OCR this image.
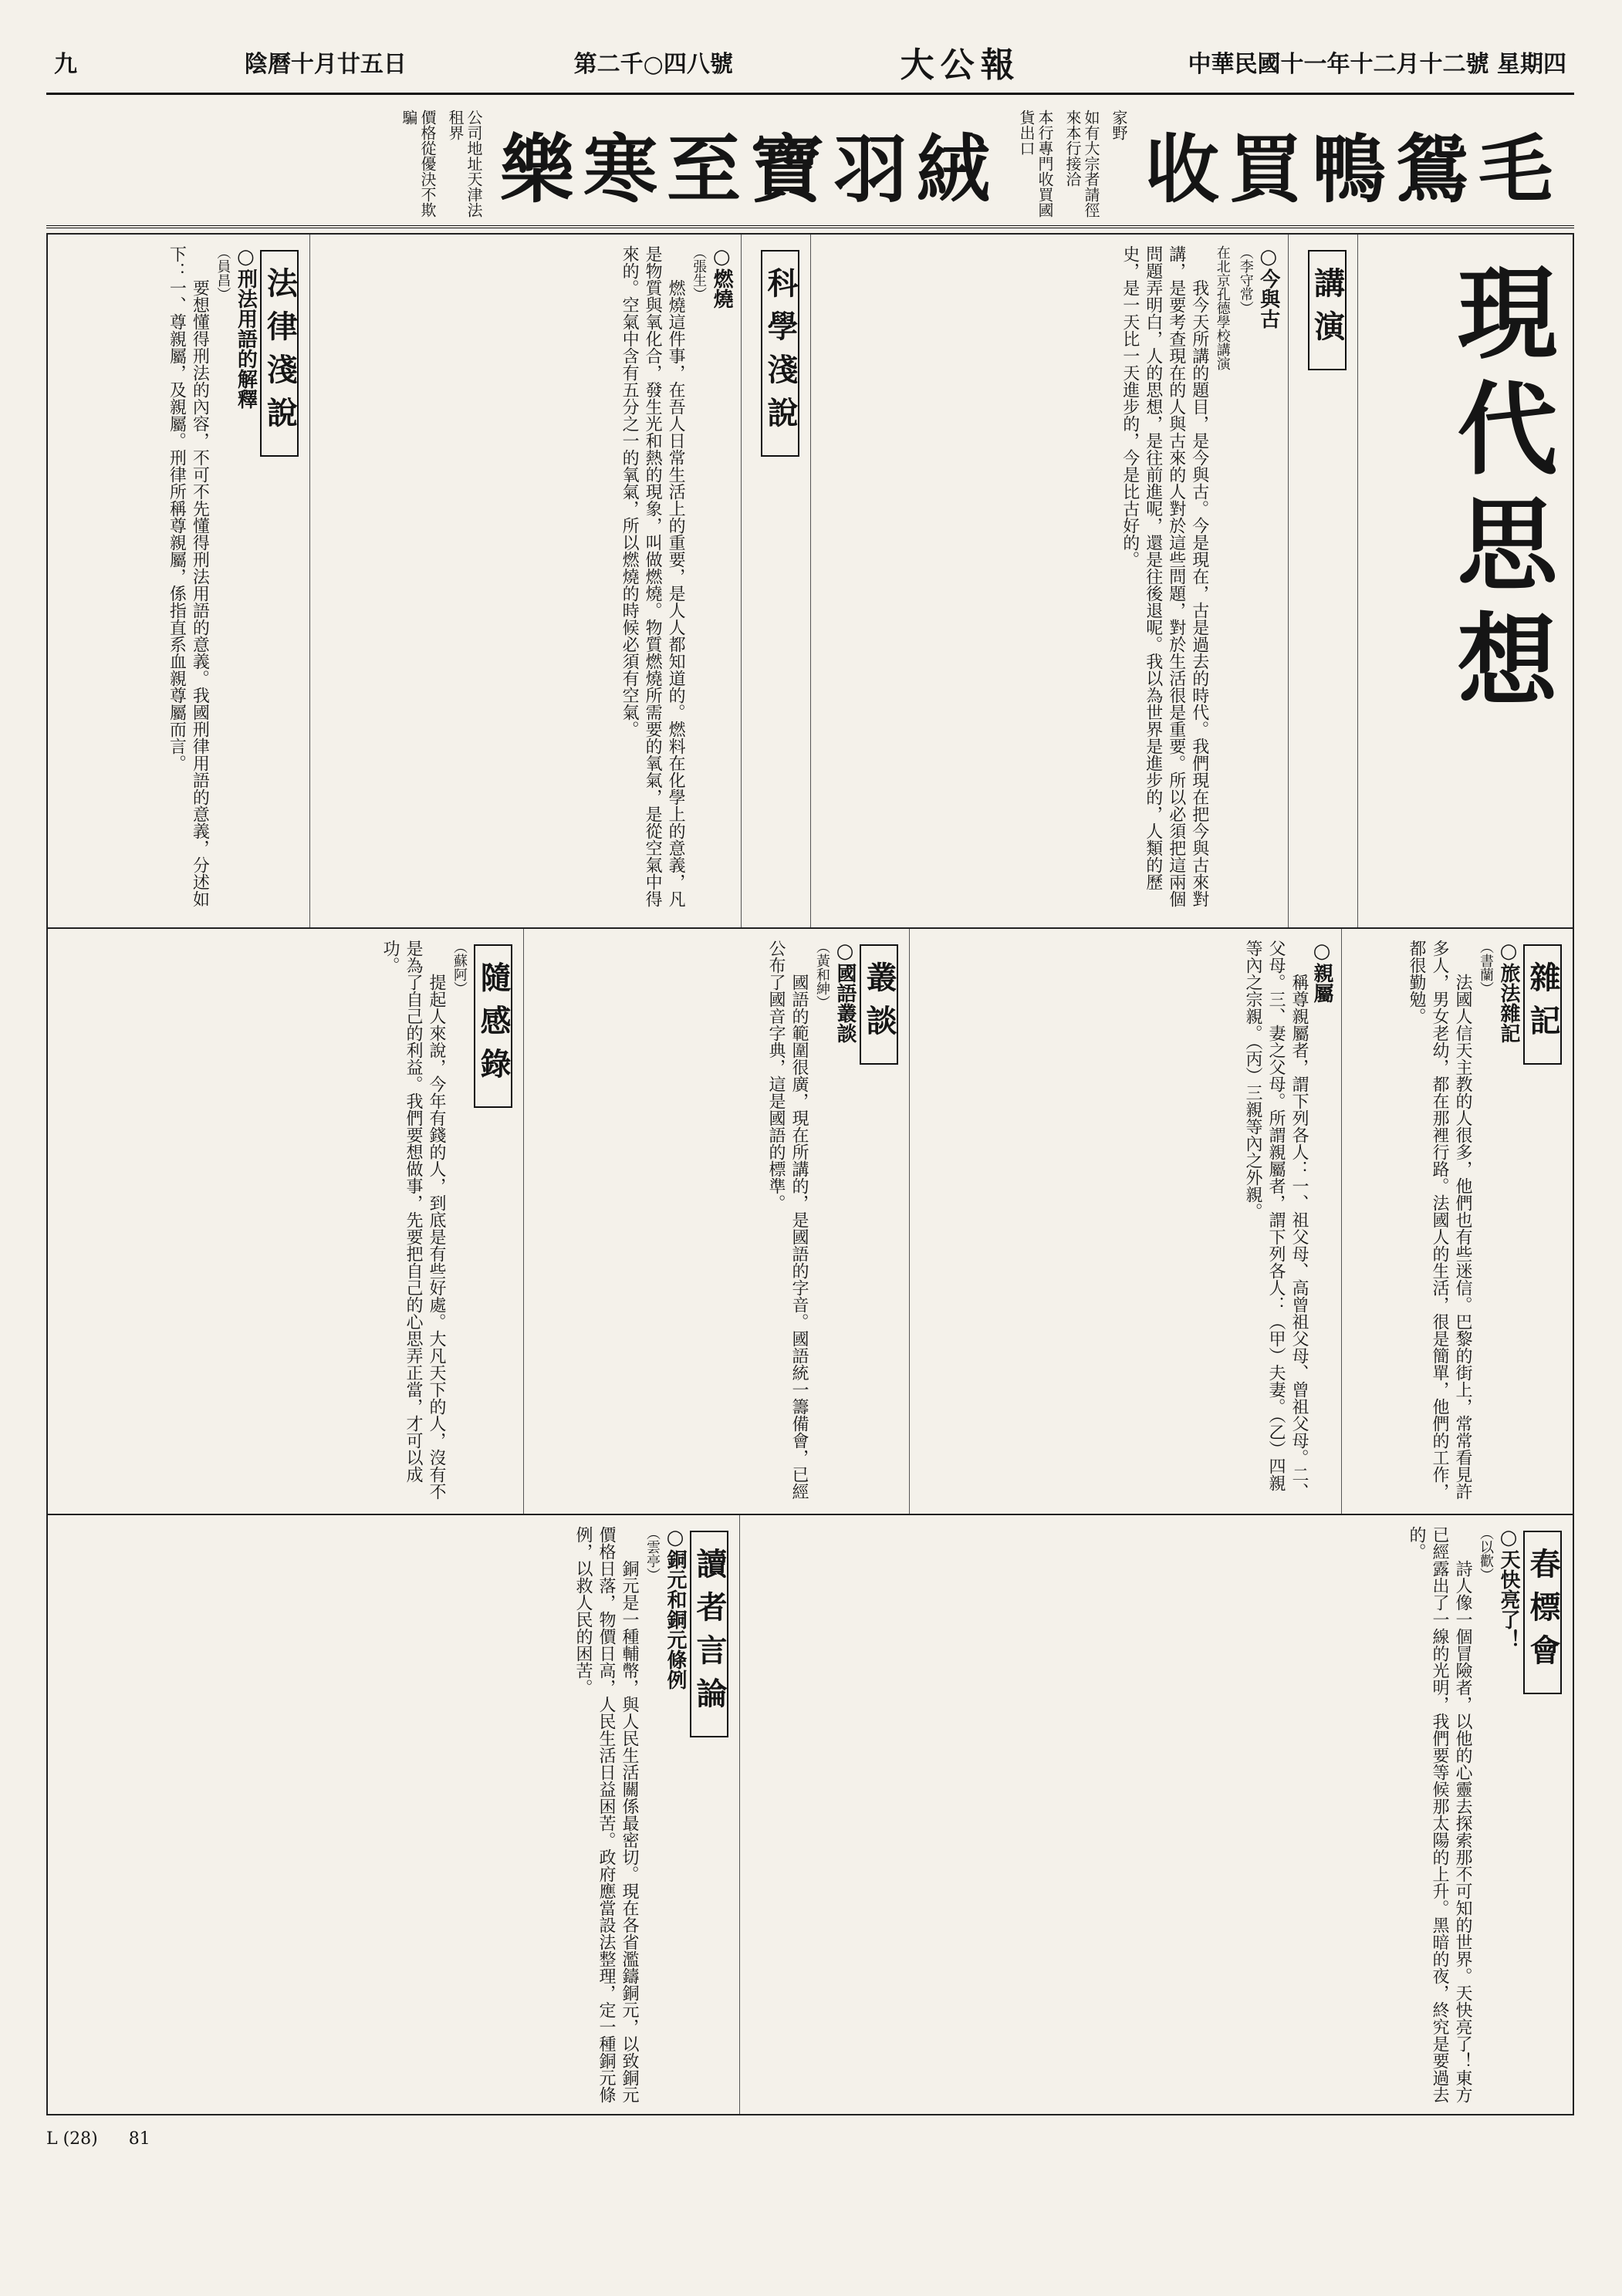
中華民國十一年十二月十二號 星期四
大公報
第二千○四八號
陰曆十月廿五日
九
收買鴨鴛毛
家野
如有大宗者請徑來本行接洽
本行專門收買國貨出口
樂寒至寶羽絨
公司地址天津法租界
價格從優決不欺騙
現代思想
講演
○今與古
（李守常）
在北京孔德學校講演
我今天所講的題目，是今與古。今是現在，古是過去的時代。我們現在把今與古來對講，是要考查現在的人與古來的人對於這些問題，對於生活很是重要。所以必須把這兩個問題弄明白，人的思想，是往前進呢，還是往後退呢。我以為世界是進步的，人類的歷史，是一天比一天進步的，今是比古好的。
科學淺說
○燃燒
（張生）
燃燒這件事，在吾人日常生活上的重要，是人人都知道的。燃料在化學上的意義，凡是物質與氧化合，發生光和熱的現象，叫做燃燒。物質燃燒所需要的氧氣，是從空氣中得來的。空氣中含有五分之一的氧氣，所以燃燒的時候必須有空氣。
法律淺說
○刑法用語的解釋
（員昌）
要想懂得刑法的內容，不可不先懂得刑法用語的意義。我國刑律用語的意義，分述如下：一、尊親屬，及親屬。刑律所稱尊親屬，係指直系血親尊屬而言。
雜記
○旅法雜記
（書蘭）
法國人信天主教的人很多，他們也有些迷信。巴黎的街上，常常看見許多人，男女老幼，都在那裡行路。法國人的生活，很是簡單，他們的工作，都很勤勉。
○親屬
稱尊親屬者，謂下列各人：一、祖父母、高曾祖父母、曾祖父母。二、父母。三、妻之父母。所謂親屬者，謂下列各人：（甲）夫妻。（乙）四親等內之宗親。（丙）三親等內之外親。
叢談
○國語叢談
（黃和紳）
國語的範圍很廣，現在所講的，是國語的字音。國語統一籌備會，已經公布了國音字典，這是國語的標準。
隨感錄
（蘇阿）
提起人來說，今年有錢的人，到底是有些好處。大凡天下的人，沒有不是為了自己的利益。我們要想做事，先要把自己的心思弄正當，才可以成功。
春標會
○天快亮了！
（以歡）
詩人像一個冒險者，以他的心靈去探索那不可知的世界。天快亮了！東方已經露出了一線的光明，我們要等候那太陽的上升。黑暗的夜，終究是要過去的。
讀者言論
○銅元和銅元條例
（雲亭）
銅元是一種輔幣，與人民生活關係最密切。現在各省濫鑄銅元，以致銅元價格日落，物價日高，人民生活日益困苦。政府應當設法整理，定一種銅元條例，以救人民的困苦。
L (28) 81
